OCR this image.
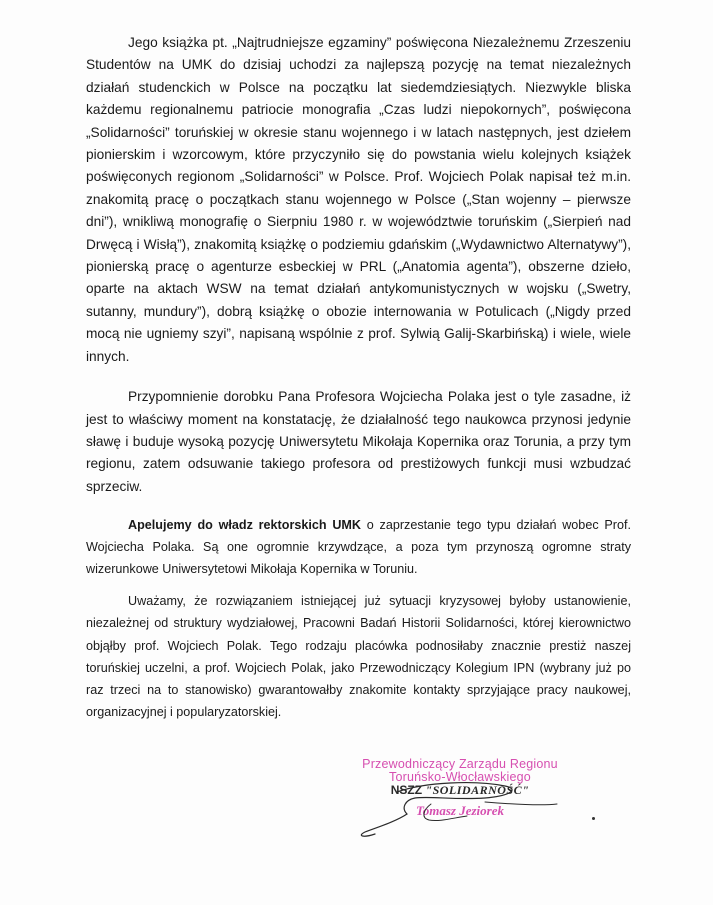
Jego książka pt. „Najtrudniejsze egzaminy” poświęcona Niezależnemu Zrzeszeniu Studentów na UMK do dzisiaj uchodzi za najlepszą pozycję na temat niezależnych działań studenckich w Polsce na początku lat siedemdziesiątych. Niezwykle bliska każdemu regionalnemu patriocie monografia „Czas ludzi niepokornych”, poświęcona „Solidarności” toruńskiej w okresie stanu wojennego i w latach następnych, jest dziełem pionierskim i wzorcowym, które przyczyniło się do powstania wielu kolejnych książek poświęconych regionom „Solidarności” w Polsce. Prof. Wojciech Polak napisał też m.in. znakomitą pracę o początkach stanu wojennego w Polsce („Stan wojenny – pierwsze dni”), wnikliwą monografię o Sierpniu 1980 r. w województwie toruńskim („Sierpień nad Drwęcą i Wisłą”), znakomitą książkę o podziemiu gdańskim („Wydawnictwo Alternatywy”), pionierską pracę o agenturze esbeckiej w PRL („Anatomia agenta”), obszerne dzieło, oparte na aktach WSW na temat działań antykomunistycznych w wojsku („Swetry, sutanny, mundury”), dobrą książkę o obozie internowania w Potulicach („Nigdy przed mocą nie ugniemy szyi”, napisaną wspólnie z prof. Sylwią Galij-Skarbińską) i wiele, wiele innych.

Przypomnienie dorobku Pana Profesora Wojciecha Polaka jest o tyle zasadne, iż jest to właściwy moment na konstatację, że działalność tego naukowca przynosi jedynie sławę i buduje wysoką pozycję Uniwersytetu Mikołaja Kopernika oraz Torunia, a przy tym regionu, zatem odsuwanie takiego profesora od prestiżowych funkcji musi wzbudzać sprzeciw.

Apelujemy do władz rektorskich UMK o zaprzestanie tego typu działań wobec Prof. Wojciecha Polaka. Są one ogromnie krzywdzące, a poza tym przynoszą ogromne straty wizerunkowe Uniwersytetowi Mikołaja Kopernika w Toruniu.

Uważamy, że rozwiązaniem istniejącej już sytuacji kryzysowej byłoby ustanowienie, niezależnej od struktury wydziałowej, Pracowni Badań Historii Solidarności, której kierownictwo objąłby prof. Wojciech Polak. Tego rodzaju placówka podnosiłaby znacznie prestiż naszej toruńskiej uczelni, a prof. Wojciech Polak, jako Przewodniczący Kolegium IPN (wybrany już po raz trzeci na to stanowisko) gwarantowałby znakomite kontakty sprzyjające pracy naukowej, organizacyjnej i popularyzatorskiej.

Przewodniczący Zarządu Regionu
Toruńsko-Włocławskiego
NSZZ "SOLIDARNOŚĆ"
Tomasz Jeziorek
